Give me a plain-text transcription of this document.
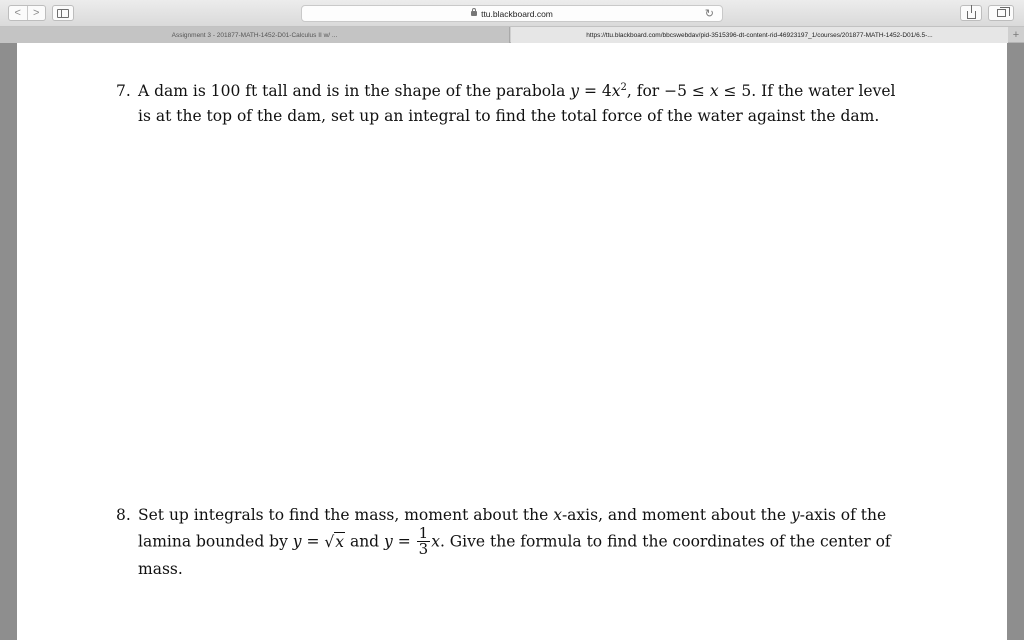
<	>	ttu.blackboard.com	↻
Assignment 3 - 201877-MATH-1452-D01-Calculus II w/ ...	https://ttu.blackboard.com/bbcswebdav/pid-3515396-dt-content-rid-46923197_1/courses/201877-MATH-1452-D01/6.5-...	+
7. A dam is 100 ft tall and is in the shape of the parabola $y = 4x^2$, for −5 ≤ x ≤ 5. If the water level is at the top of the dam, set up an integral to find the total force of the water against the dam.
8. Set up integrals to find the mass, moment about the x-axis, and moment about the y-axis of the lamina bounded by y = √x and $y = \frac{1}{3} x$. Give the formula to find the coordinates of the center of mass.
